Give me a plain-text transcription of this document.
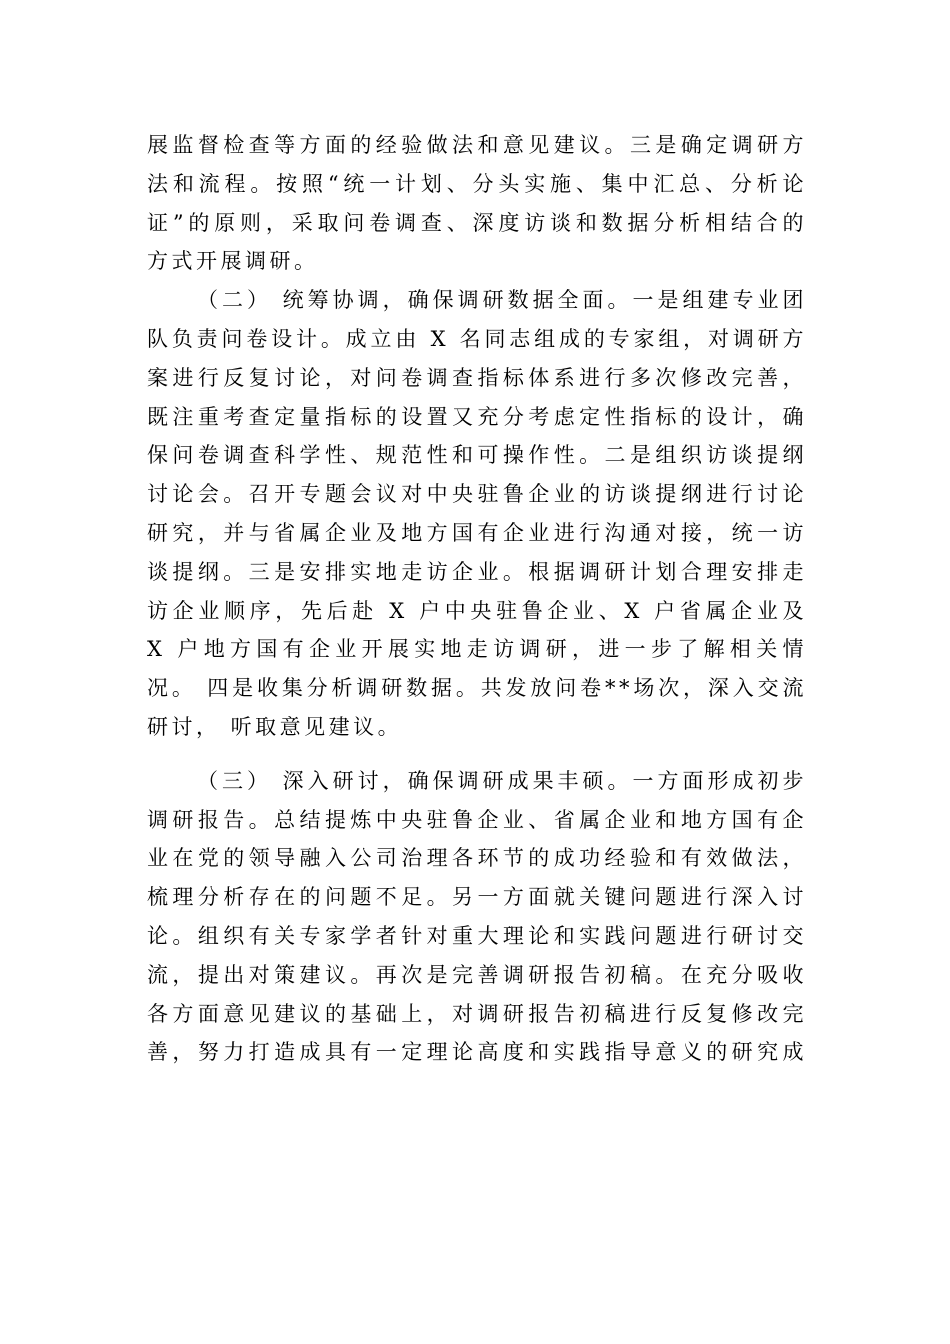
展监督检查等方面的经验做法和意见建议。三是确定调研方
法和流程。按照“统一计划、分头实施、集中汇总、分析论
证”的原则，采取问卷调查、深度访谈和数据分析相结合的
方式开展调研。
（二） 统筹协调，确保调研数据全面。一是组建专业团
队负责问卷设计。成立由 X 名同志组成的专家组，对调研方
案进行反复讨论，对问卷调查指标体系进行多次修改完善，
既注重考查定量指标的设置又充分考虑定性指标的设计，确
保问卷调查科学性、规范性和可操作性。二是组织访谈提纲
讨论会。召开专题会议对中央驻鲁企业的访谈提纲进行讨论
研究，并与省属企业及地方国有企业进行沟通对接，统一访
谈提纲。三是安排实地走访企业。根据调研计划合理安排走
访企业顺序，先后赴 X 户中央驻鲁企业、X 户省属企业及
X 户地方国有企业开展实地走访调研，进一步了解相关情
况。 四是收集分析调研数据。共发放问卷**场次，深入交流
研讨， 听取意见建议。
（三） 深入研讨，确保调研成果丰硕。一方面形成初步
调研报告。总结提炼中央驻鲁企业、省属企业和地方国有企
业在党的领导融入公司治理各环节的成功经验和有效做法，
梳理分析存在的问题不足。另一方面就关键问题进行深入讨
论。组织有关专家学者针对重大理论和实践问题进行研讨交
流，提出对策建议。再次是完善调研报告初稿。在充分吸收
各方面意见建议的基础上，对调研报告初稿进行反复修改完
善，努力打造成具有一定理论高度和实践指导意义的研究成
